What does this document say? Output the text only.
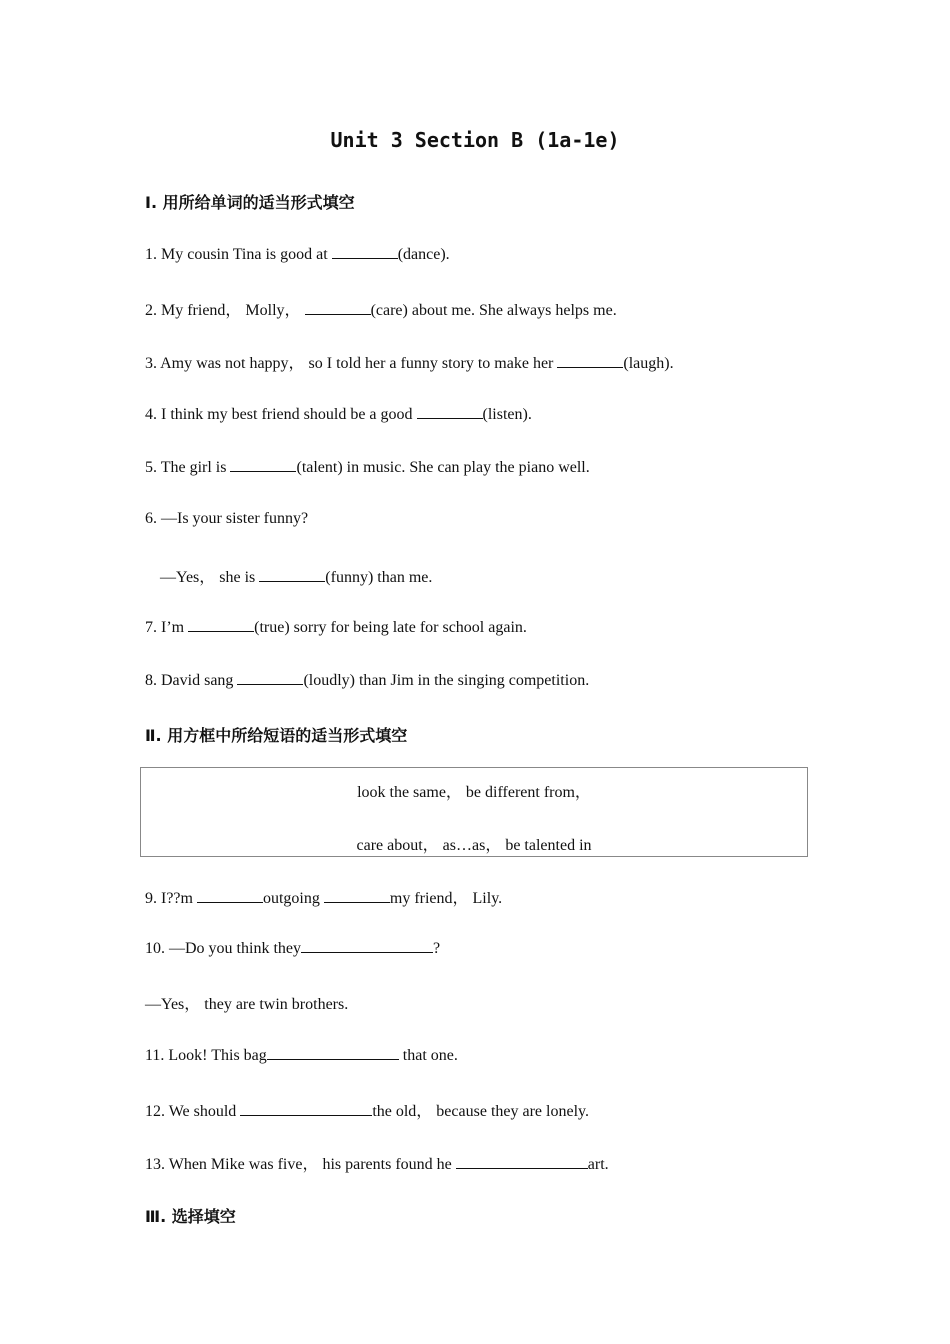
Unit 3 Section B (1a-1e)
Ⅰ. 用所给单词的适当形式填空
1. My cousin Tina is good at	(dance).
2. My friend， Molly，	(care) about me. She always helps me.
3. Amy was not happy， so I told her a funny story to make her	(laugh).
4. I think my best friend should be a good	(listen).
5. The girl is	(talent) in music. She can play the piano well.
6. —Is your sister funny?
—Yes， she is	(funny) than me.
7. I’m	(true) sorry for being late for school again.
8. David sang	(loudly) than Jim in the singing competition.
Ⅱ. 用方框中所给短语的适当形式填空
look the same， be different from，
care about， as…as， be talented in
9. I??m	outgoing	my friend， Lily.
10. —Do you think they	?
—Yes， they are twin brothers.
11. Look! This bag	that one.
12. We should	the old， because they are lonely.
13. When Mike was five， his parents found he	art.
Ⅲ. 选择填空
